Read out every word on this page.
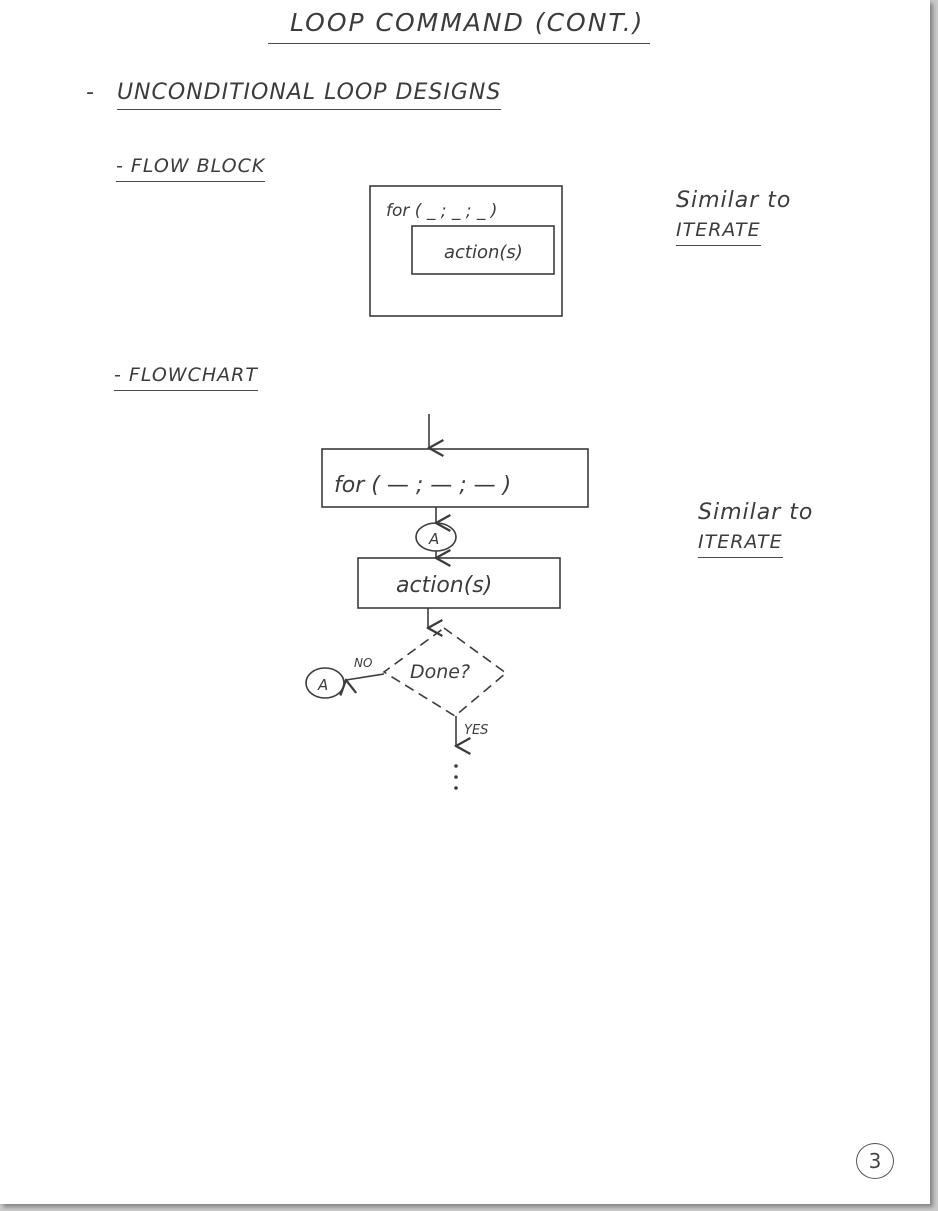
LOOP COMMAND (CONT.)
- UNCONDITIONAL LOOP DESIGNS
- FLOW BLOCK
- FLOWCHART
Similar to
ITERATE
Similar to
ITERATE
for ( _ ; _ ; _ )
action(s)
for ( — ; — ; — )
A
action(s)
Done?
NO
A
YES
3
